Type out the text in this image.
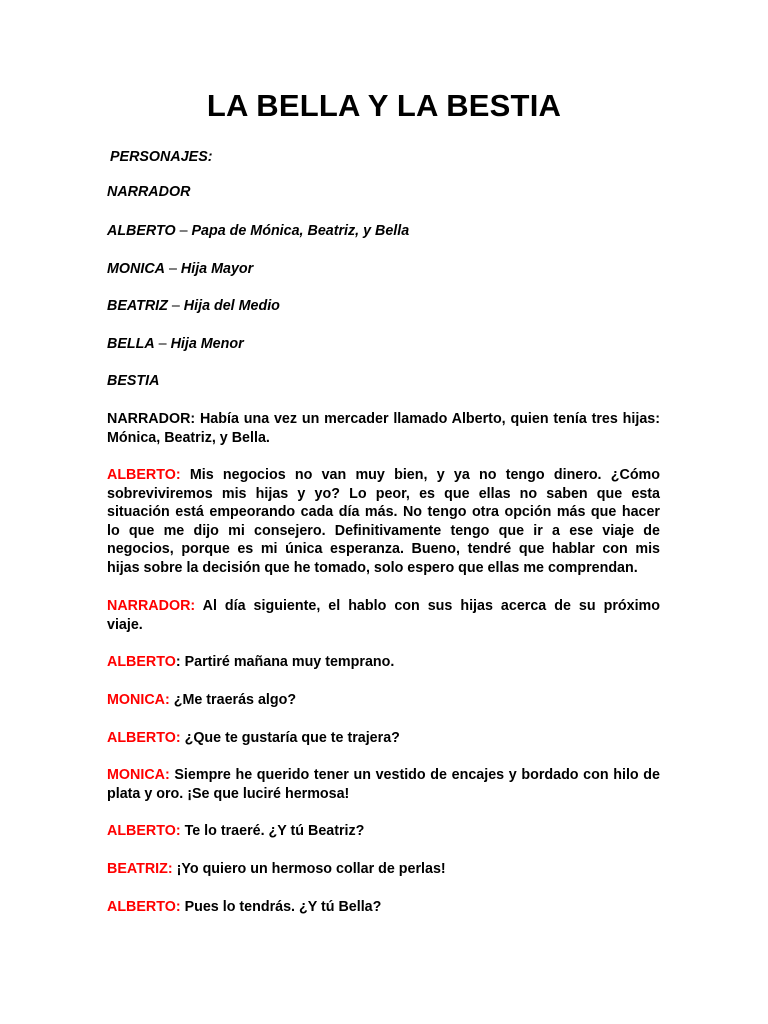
LA BELLA Y LA BESTIA
PERSONAJES:
NARRADOR
ALBERTO – Papa de Mónica, Beatriz, y Bella
MONICA – Hija Mayor
BEATRIZ – Hija del Medio
BELLA – Hija Menor
BESTIA
NARRADOR: Había una vez un mercader llamado Alberto, quien tenía tres hijas:
Mónica, Beatriz, y Bella.
ALBERTO: Mis negocios no van muy bien, y ya no tengo dinero. ¿Cómo
sobreviviremos mis hijas y yo? Lo peor, es que ellas no saben que esta
situación está empeorando cada día más. No tengo otra opción más que hacer
lo que me dijo mi consejero. Definitivamente tengo que ir a ese viaje de
negocios, porque es mi única esperanza. Bueno, tendré que hablar con mis
hijas sobre la decisión que he tomado, solo espero que ellas me comprendan.
NARRADOR: Al día siguiente, el hablo con sus hijas acerca de su próximo
viaje.
ALBERTO: Partiré mañana muy temprano.
MONICA: ¿Me traerás algo?
ALBERTO: ¿Que te gustaría que te trajera?
MONICA: Siempre he querido tener un vestido de encajes y bordado con hilo de
plata y oro. ¡Se que luciré hermosa!
ALBERTO: Te lo traeré. ¿Y tú Beatriz?
BEATRIZ: ¡Yo quiero un hermoso collar de perlas!
ALBERTO: Pues lo tendrás. ¿Y tú Bella?
